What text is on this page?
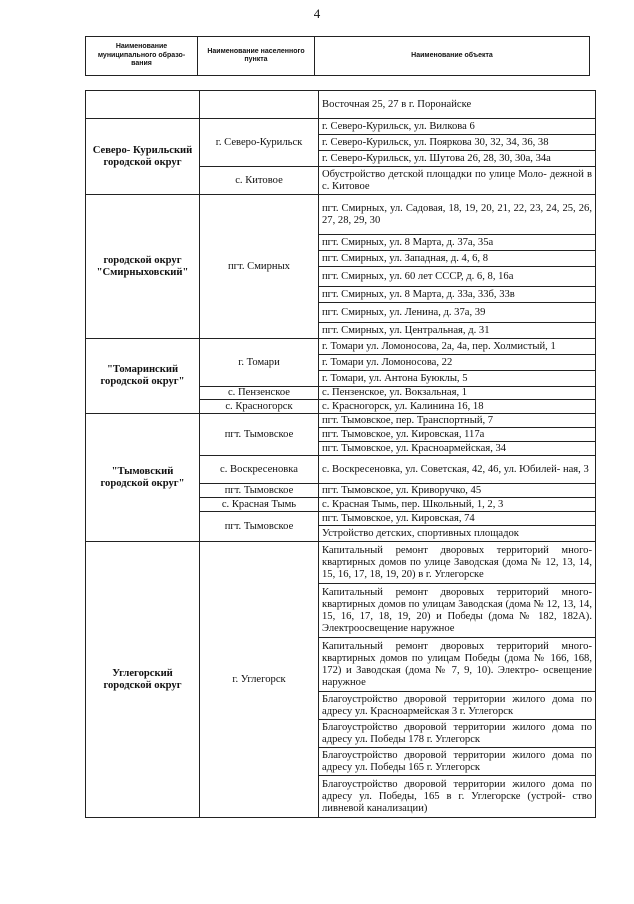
4
Наименование муниципального образо- вания	Наименование населенного пункта	Наименование объекта
		Восточная 25, 27 в г. Поронайске
Северо- Курильский городской округ	г. Северо-Курильск	г. Северо-Курильск, ул. Вилкова 6
		г. Северо-Курильск, ул. Пояркова 30, 32, 34, 36, 38
		г. Северо-Курильск, ул. Шутова 26, 28, 30, 30а, 34а
	с. Китовое	Обустройство детской площадки по улице Моло- дежной в с. Китовое
городской округ "Смирныховский"	пгт. Смирных	пгт. Смирных, ул. Садовая, 18, 19, 20, 21, 22, 23, 24, 25, 26, 27, 28, 29, 30
		пгт. Смирных, ул. 8 Марта, д. 37а, 35а
		пгт. Смирных, ул. Западная, д. 4, 6, 8
		пгт. Смирных, ул. 60 лет СССР, д. 6, 8, 16а
		пгт. Смирных, ул. 8 Марта, д. 33а, 33б, 33в
		пгт. Смирных, ул. Ленина, д. 37а, 39
		пгт. Смирных, ул. Центральная, д. 31
"Томаринский городской округ"	г. Томари	г. Томари ул. Ломоносова, 2а, 4а, пер. Холмистый, 1
		г. Томари ул. Ломоносова, 22
		г. Томари, ул. Антона Буюклы, 5
	с. Пензенское	с. Пензенское, ул. Вокзальная, 1
	с. Красногорск	с. Красногорск, ул. Калинина 16, 18
"Тымовский городской округ"	пгт. Тымовское	пгт. Тымовское, пер. Транспортный, 7
		пгт. Тымовское, ул. Кировская, 117а
		пгт. Тымовское, ул. Красноармейская, 34
	с. Воскресеновка	с. Воскресеновка, ул. Советская, 42, 46, ул. Юбилей- ная, 3
	пгт. Тымовское	пгт. Тымовское, ул. Криворучко, 45
	с. Красная Тымь	с. Красная Тымь, пер. Школьный, 1, 2, 3
	пгт. Тымовское	пгт. Тымовское, ул. Кировская, 74
		Устройство детских, спортивных площадок
Углегорский городской округ	г. Углегорск	Капитальный ремонт дворовых территорий много- квартирных домов по улице Заводская (дома № 12, 13, 14, 15, 16, 17, 18, 19, 20) в г. Углегорске
		Капитальный ремонт дворовых территорий много- квартирных домов по улицам Заводская (дома № 12, 13, 14, 15, 16, 17, 18, 19, 20) и Победы (дома № 182, 182А). Электроосвещение наружное
		Капитальный ремонт дворовых территорий много- квартирных домов по улицам Победы (дома № 166, 168, 172) и Заводская (дома № 7, 9, 10). Электро- освещение наружное
		Благоустройство дворовой территории жилого дома по адресу ул. Красноармейская 3 г. Углегорск
		Благоустройство дворовой территории жилого дома по адресу ул. Победы 178 г. Углегорск
		Благоустройство дворовой территории жилого дома по адресу ул. Победы 165 г. Углегорск
		Благоустройство дворовой территории жилого дома по адресу ул. Победы, 165 в г. Углегорске (устрой- ство ливневой канализации)
